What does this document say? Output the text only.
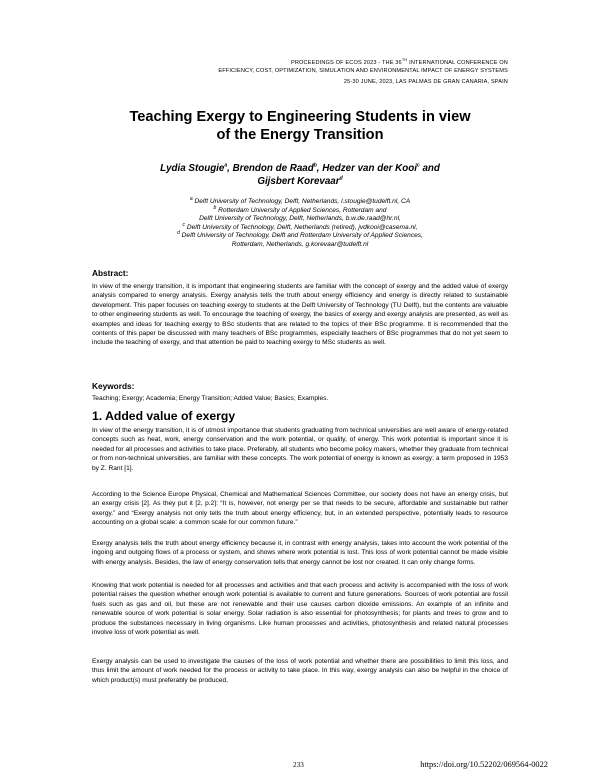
PROCEEDINGS OF ECOS 2023 - THE 36TH INTERNATIONAL CONFERENCE ON
EFFICIENCY, COST, OPTIMIZATION, SIMULATION AND ENVIRONMENTAL IMPACT OF ENERGY SYSTEMS
25-30 JUNE, 2023, LAS PALMAS DE GRAN CANARIA, SPAIN
Teaching Exergy to Engineering Students in view
of the Energy Transition
Lydia Stougie$^a$, Brendon de Raad$^b$, Hedzer van der Kooi$^c$ and
Gijsbert Korevaar$^d$
$^a$ Delft University of Technology, Delft, Netherlands, l.stougie@tudelft.nl, CA
$^b$ Rotterdam University of Applied Sciences, Rotterdam and
Delft University of Technology, Delft, Netherlands, b.w.de.raad@hr.nl,
$^c$ Delft University of Technology, Delft, Netherlands (retired), jvdkooi@casema.nl,
$^d$ Delft University of Technology, Delft and Rotterdam University of Applied Sciences,
Rotterdam, Netherlands, g.korevaar@tudelft.nl
Abstract:

In view of the energy transition, it is important that engineering students are familiar with the concept of exergy and the added value of exergy analysis compared to energy analysis. Exergy analysis tells the truth about energy efficiency and energy is directly related to sustainable development. This paper focuses on teaching exergy to students at the Delft University of Technology (TU Delft), but the contents are valuable to other engineering students as well. To encourage the teaching of exergy, the basics of exergy and exergy analysis are presented, as well as examples and ideas for teaching exergy to BSc students that are related to the topics of their BSc programme. It is recommended that the contents of this paper be discussed with many teachers of BSc programmes, especially teachers of BSc programmes that do not yet seem to include the teaching of exergy, and that attention be paid to teaching exergy to MSc students as well.

Keywords:

Teaching; Exergy; Academia; Energy Transition; Added Value; Basics; Examples.

1. Added value of exergy

In view of the energy transition, it is of utmost importance that students graduating from technical universities are well aware of energy-related concepts such as heat, work, energy conservation and the work potential, or quality, of energy. This work potential is important since it is needed for all processes and activities to take place. Preferably, all students who become policy makers, whether they graduate from technical or from non-technical universities, are familiar with these concepts. The work potential of energy is known as exergy; a term proposed in 1953 by Z. Rant [1].

According to the Science Europe Physical, Chemical and Mathematical Sciences Committee, our society does not have an energy crisis, but an exergy crisis [2]. As they put it [2, p.2]: “It is, however, not energy per se that needs to be secure, affordable and sustainable but rather exergy.” and “Exergy analysis not only tells the truth about energy efficiency, but, in an extended perspective, potentially leads to resource accounting on a global scale: a common scale for our common future.”

Exergy analysis tells the truth about energy efficiency because it, in contrast with energy analysis, takes into account the work potential of the ingoing and outgoing flows of a process or system, and shows where work potential is lost. This loss of work potential cannot be made visible with energy analysis. Besides, the law of energy conservation tells that energy cannot be lost nor created. It can only change forms.

Knowing that work potential is needed for all processes and activities and that each process and activity is accompanied with the loss of work potential raises the question whether enough work potential is available to current and future generations. Sources of work potential are fossil fuels such as gas and oil, but these are not renewable and their use causes carbon dioxide emissions. An example of an infinite and renewable source of work potential is solar energy. Solar radiation is also essential for photosynthesis; for plants and trees to grow and to produce the substances necessary in living organisms. Like human processes and activities, photosynthesis and related natural processes involve loss of work potential as well.

Exergy analysis can be used to investigate the causes of the loss of work potential and whether there are possibilities to limit this loss, and thus limit the amount of work needed for the process or activity to take place. In this way, exergy analysis can also be helpful in the choice of which product(s) must preferably be produced,

233	https://doi.org/10.52202/069564-0022
